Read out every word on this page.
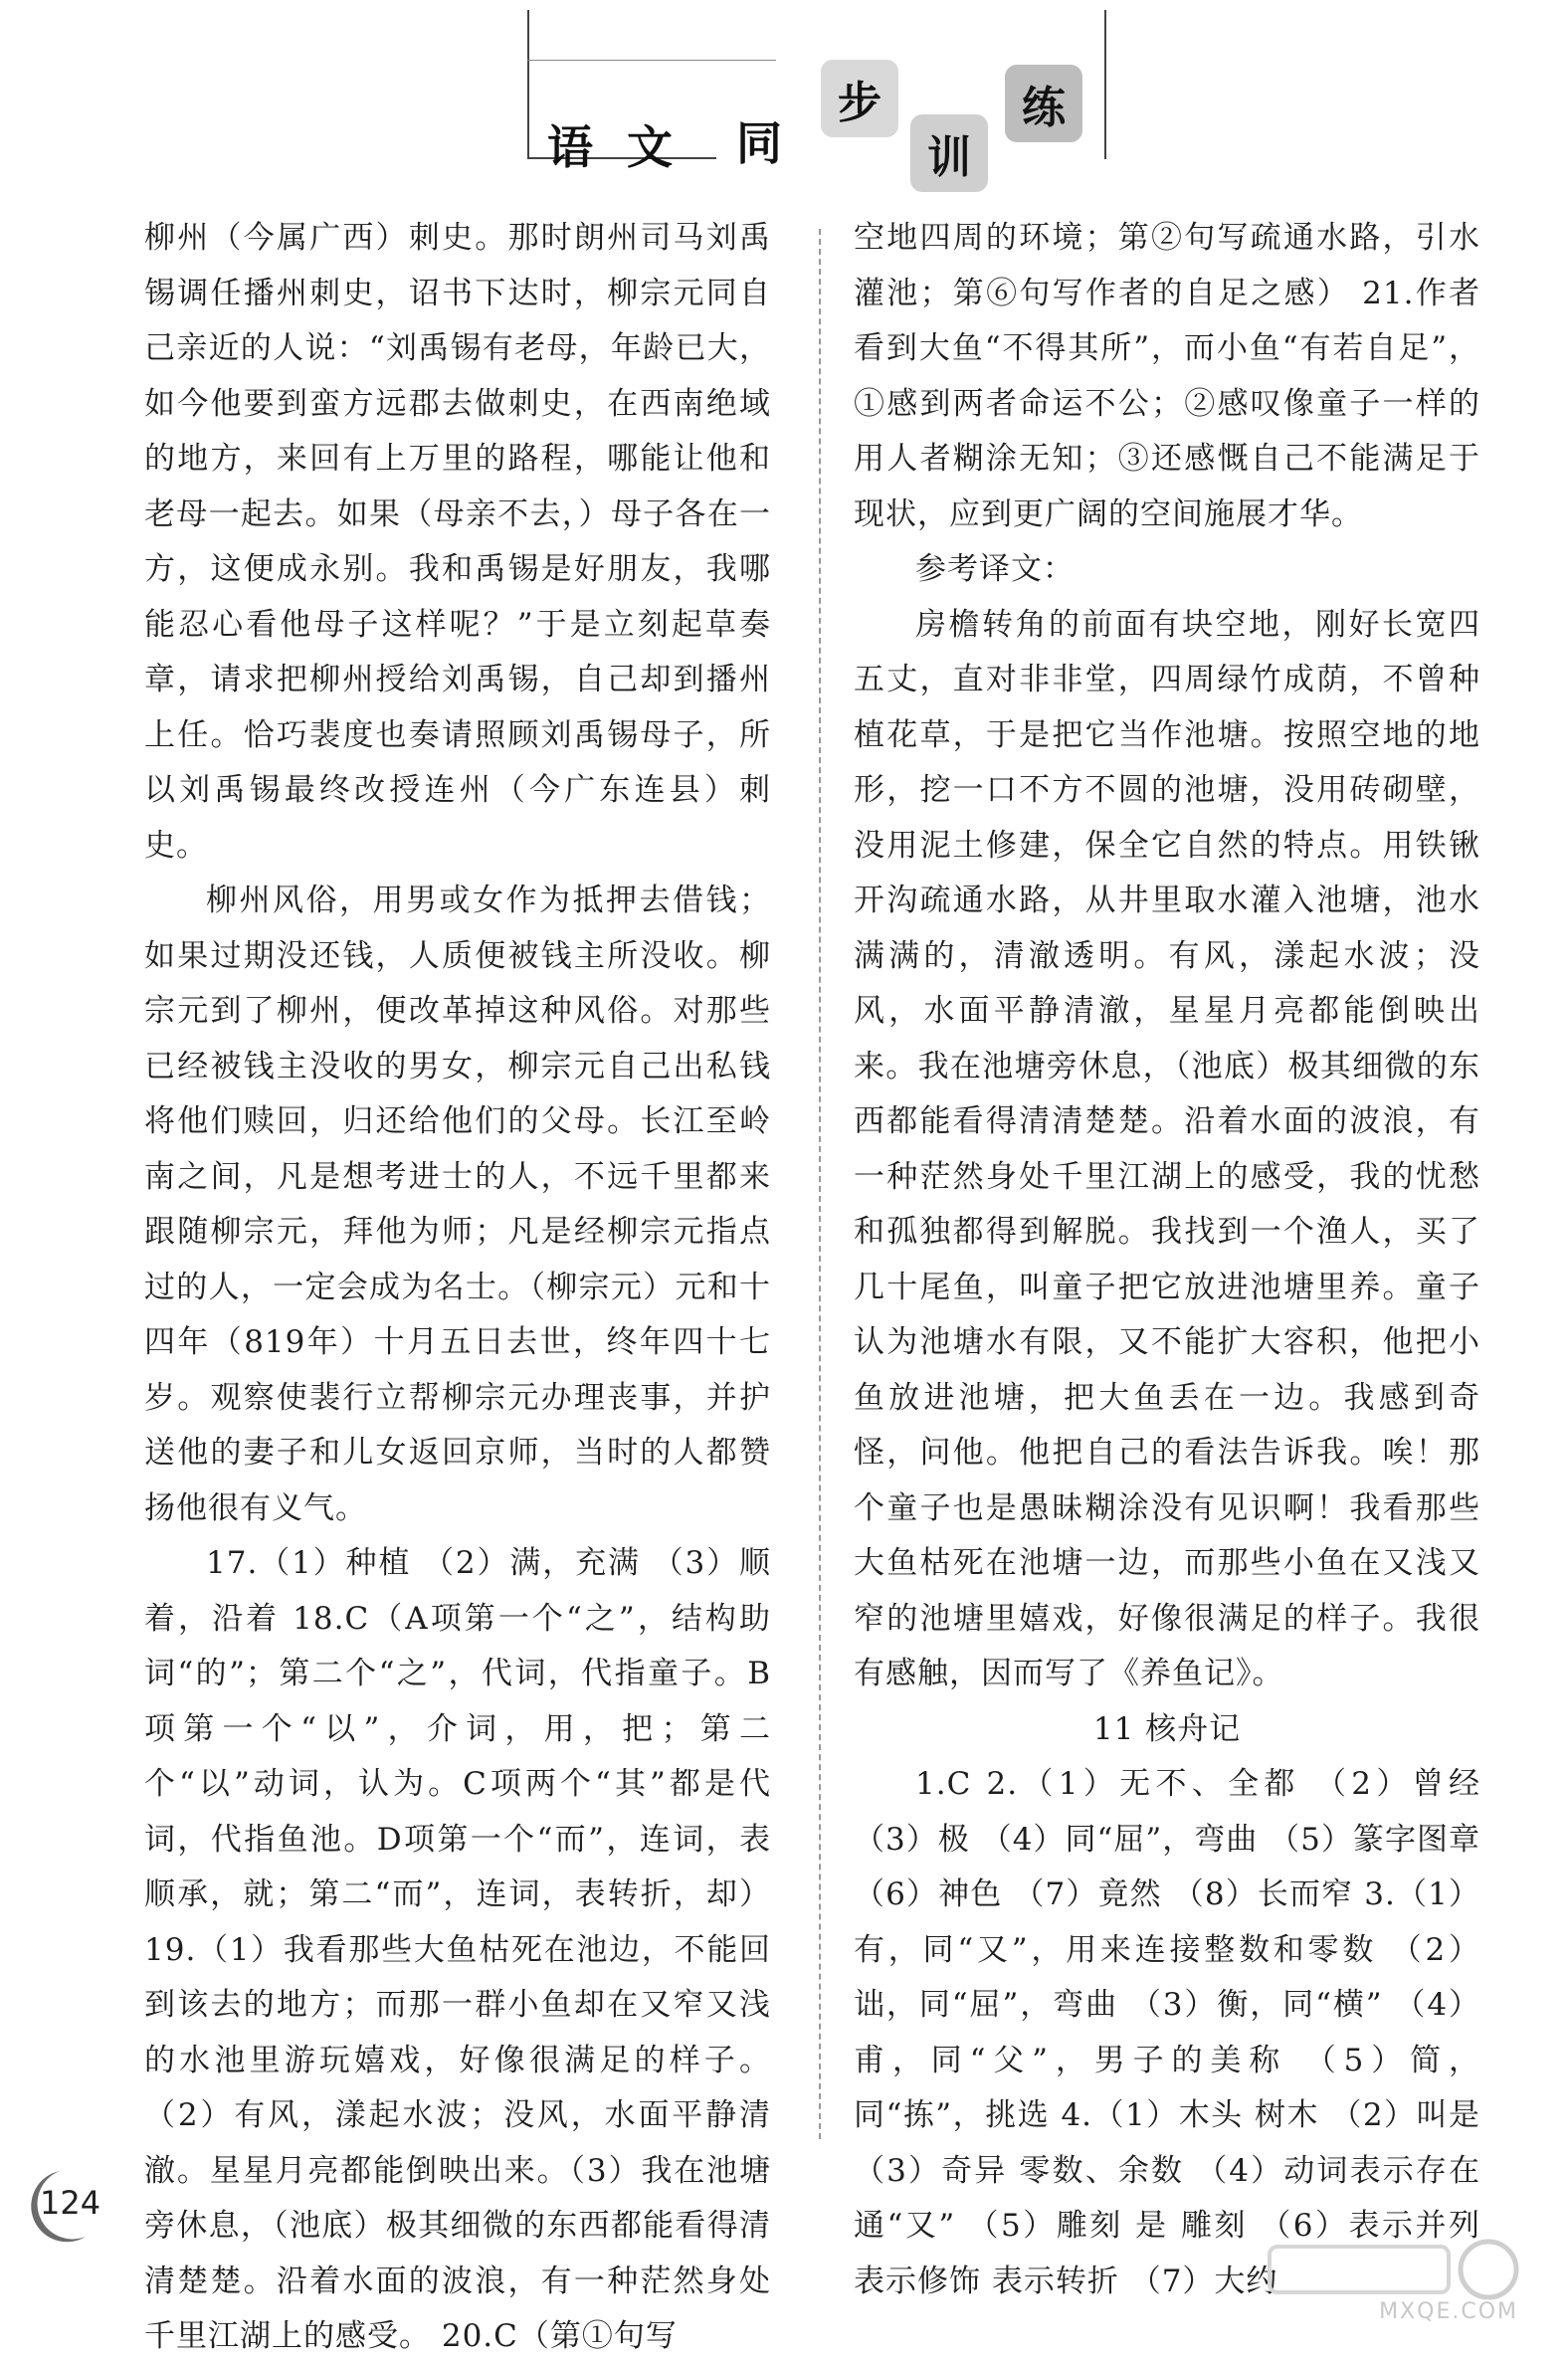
语 文 同
步
训
练

柳州（今属广西）刺史。那时朗州司马刘禹锡调任播州刺史，诏书下达时，柳宗元同自己亲近的人说：“刘禹锡有老母，年龄已大，如今他要到蛮方远郡去做刺史，在西南绝域的地方，来回有上万里的路程，哪能让他和老母一起去。如果（母亲不去，）母子各在一方，这便成永别。我和禹锡是好朋友，我哪能忍心看他母子这样呢？”于是立刻起草奏章，请求把柳州授给刘禹锡，自己却到播州上任。恰巧裴度也奏请照顾刘禹锡母子，所以刘禹锡最终改授连州（今广东连县）刺史。

柳州风俗，用男或女作为抵押去借钱；如果过期没还钱，人质便被钱主所没收。柳宗元到了柳州，便改革掉这种风俗。对那些已经被钱主没收的男女，柳宗元自己出私钱将他们赎回，归还给他们的父母。长江至岭南之间，凡是想考进士的人，不远千里都来跟随柳宗元，拜他为师；凡是经柳宗元指点过的人，一定会成为名士。（柳宗元）元和十四年（819年）十月五日去世，终年四十七岁。观察使裴行立帮柳宗元办理丧事，并护送他的妻子和儿女返回京师，当时的人都赞扬他很有义气。

17.（1）种植 （2）满，充满 （3）顺着，沿着 18.C（A项第一个“之”，结构助词“的”；第二个“之”，代词，代指童子。B项第一个“以”，介词，用，把；第二个“以”动词，认为。C项两个“其”都是代词，代指鱼池。D项第一个“而”，连词，表顺承，就；第二“而”，连词，表转折，却） 19.（1）我看那些大鱼枯死在池边，不能回到该去的地方；而那一群小鱼却在又窄又浅的水池里游玩嬉戏，好像很满足的样子。 （2）有风，漾起水波；没风，水面平静清澈。星星月亮都能倒映出来。（3）我在池塘旁休息，（池底）极其细微的东西都能看得清清楚楚。沿着水面的波浪，有一种茫然身处千里江湖上的感受。 20.C（第①句写

空地四周的环境；第②句写疏通水路，引水灌池；第⑥句写作者的自足之感） 21.作者看到大鱼“不得其所”，而小鱼“有若自足”，①感到两者命运不公；②感叹像童子一样的用人者糊涂无知；③还感慨自己不能满足于现状，应到更广阔的空间施展才华。

参考译文：

房檐转角的前面有块空地，刚好长宽四五丈，直对非非堂，四周绿竹成荫，不曾种植花草，于是把它当作池塘。按照空地的地形，挖一口不方不圆的池塘，没用砖砌壁，没用泥土修建，保全它自然的特点。用铁锹开沟疏通水路，从井里取水灌入池塘，池水满满的，清澈透明。有风，漾起水波；没风，水面平静清澈，星星月亮都能倒映出来。我在池塘旁休息，（池底）极其细微的东西都能看得清清楚楚。沿着水面的波浪，有一种茫然身处千里江湖上的感受，我的忧愁和孤独都得到解脱。我找到一个渔人，买了几十尾鱼，叫童子把它放进池塘里养。童子认为池塘水有限，又不能扩大容积，他把小鱼放进池塘，把大鱼丢在一边。我感到奇怪，问他。他把自己的看法告诉我。唉！那个童子也是愚昧糊涂没有见识啊！我看那些大鱼枯死在池塘一边，而那些小鱼在又浅又窄的池塘里嬉戏，好像很满足的样子。我很有感触，因而写了《养鱼记》。

11 核舟记

1.C 2.（1）无不、全都 （2）曾经 （3）极 （4）同“屈”，弯曲 （5）篆字图章 （6）神色 （7）竟然 （8）长而窄 3.（1）有，同“又”，用来连接整数和零数 （2）诎，同“屈”，弯曲 （3）衡，同“横” （4）甫，同“父”，男子的美称 （5）简，同“拣”，挑选 4.（1）木头 树木 （2）叫是 （3）奇异 零数、余数 （4）动词表示存在 通“又” （5）雕刻 是 雕刻 （6）表示并列 表示修饰 表示转折 （7）大约

124
MXQE.COM
